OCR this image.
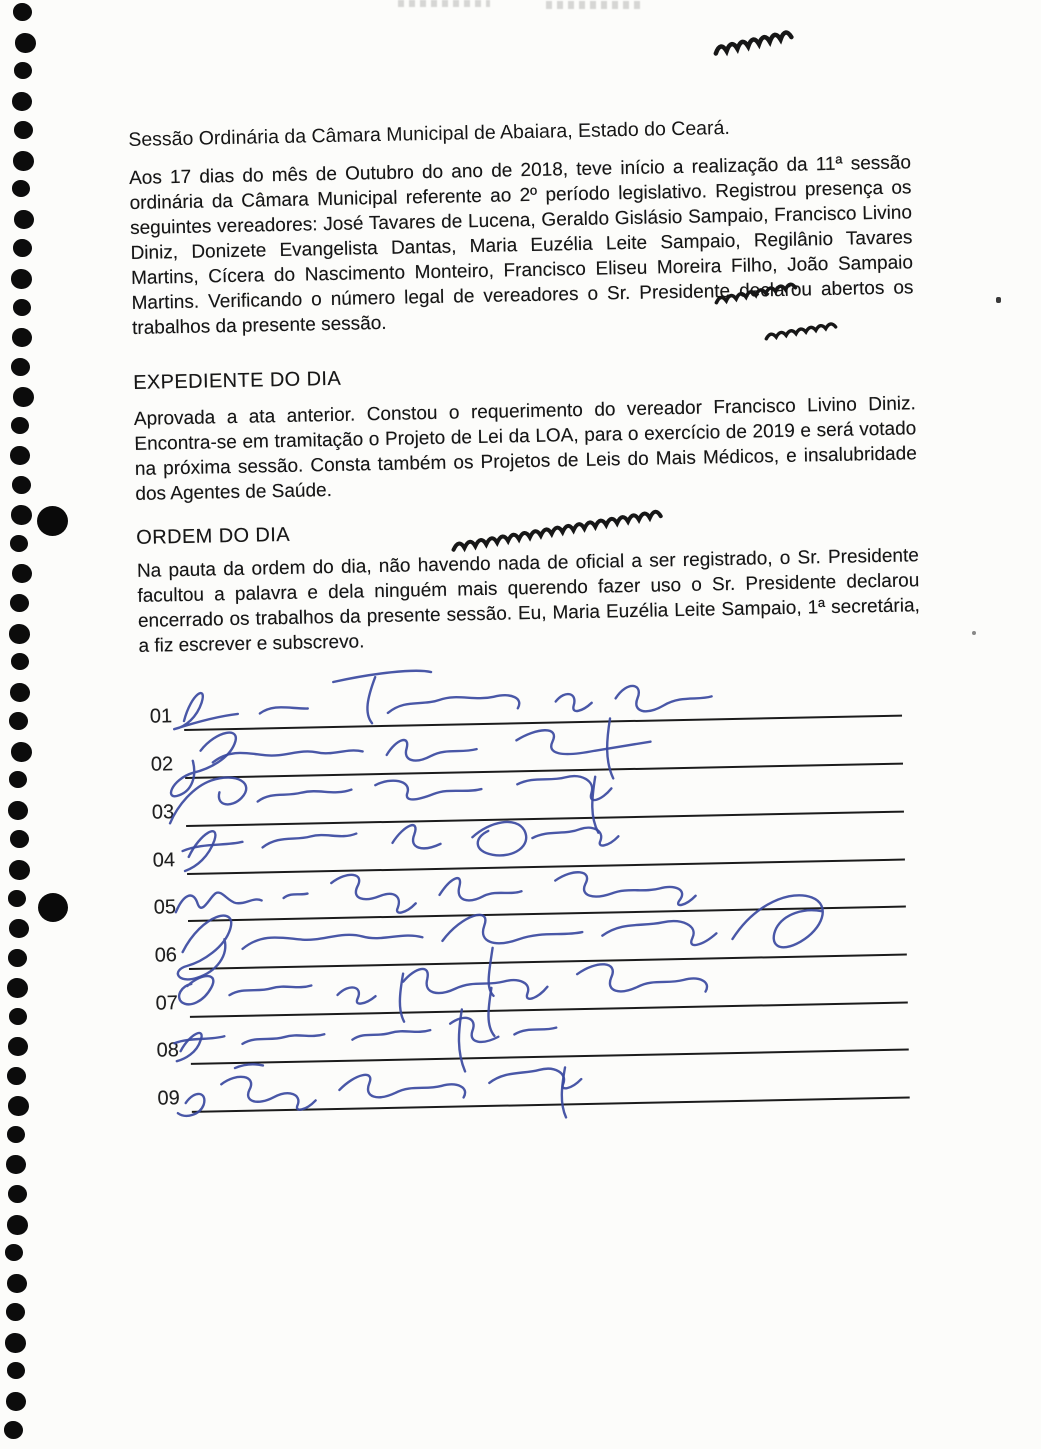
Sessão Ordinária da Câmara Municipal de Abaiara, Estado do Ceará.
Aos 17 dias do mês de Outubro do ano de 2018, teve início a realização da 11ª sessão ordinária da Câmara Municipal referente ao 2º período legislativo. Registrou presença os seguintes vereadores: José Tavares de Lucena, Geraldo Gislásio Sampaio, Francisco Livino Diniz, Donizete Evangelista Dantas, Maria Euzélia Leite Sampaio, Regilânio Tavares Martins, Cícera do Nascimento Monteiro, Francisco Eliseu Moreira Filho, João Sampaio Martins. Verificando o número legal de vereadores o Sr. Presidente declarou abertos os trabalhos da presente sessão.
EXPEDIENTE DO DIA
Aprovada a ata anterior. Constou o requerimento do vereador Francisco Livino Diniz. Encontra-se em tramitação o Projeto de Lei da LOA, para o exercício de 2019 e será votado na próxima sessão. Consta também os Projetos de Leis do Mais Médicos, e insalubridade dos Agentes de Saúde.
ORDEM DO DIA
Na pauta da ordem do dia, não havendo nada de oficial a ser registrado, o Sr. Presidente facultou a palavra e dela ninguém mais querendo fazer uso o Sr. Presidente declarou encerrado os trabalhos da presente sessão. Eu, Maria Euzélia Leite Sampaio, 1ª secretária, a fiz escrever e subscrevo.
01
02
03
04
05
06
07
08
09
